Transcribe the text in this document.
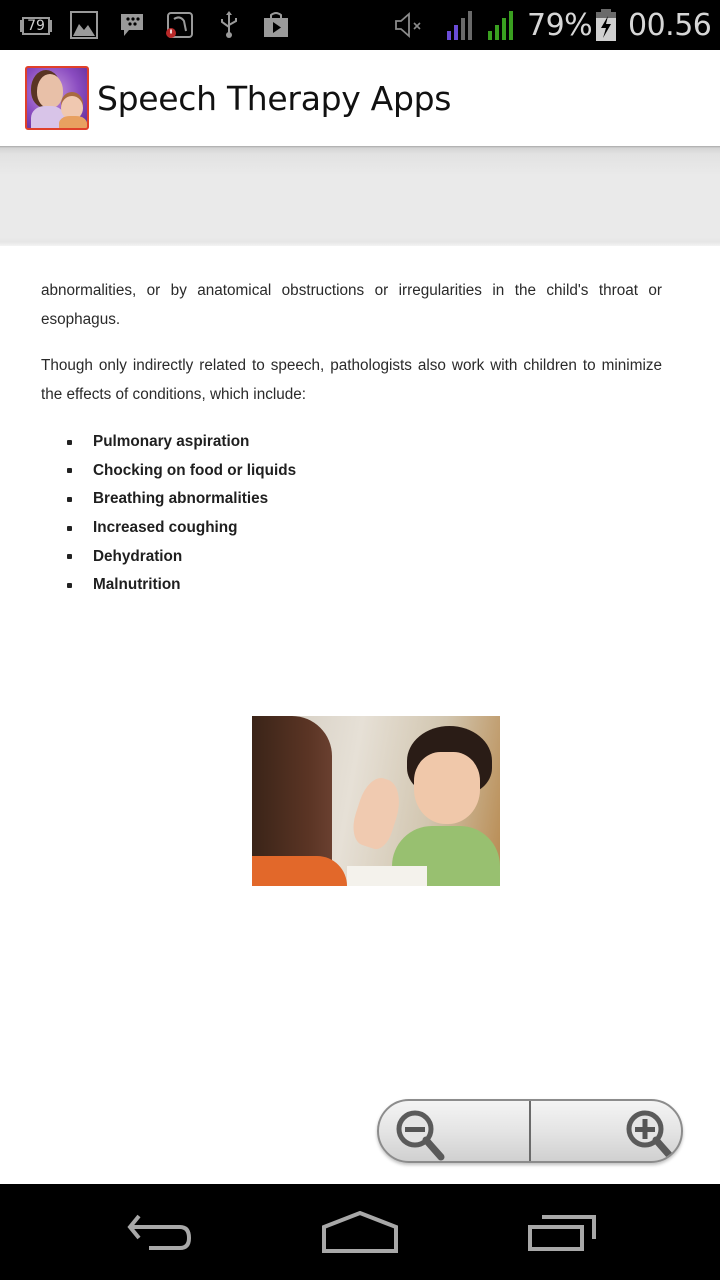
79	79% 00.56
Speech Therapy Apps

abnormalities, or by anatomical obstructions or irregularities in the child's throat or esophagus.

Though only indirectly related to speech, pathologists also work with children to minimize the effects of conditions, which include:

Pulmonary aspiration
Chocking on food or liquids
Breathing abnormalities
Increased coughing
Dehydration
Malnutrition
